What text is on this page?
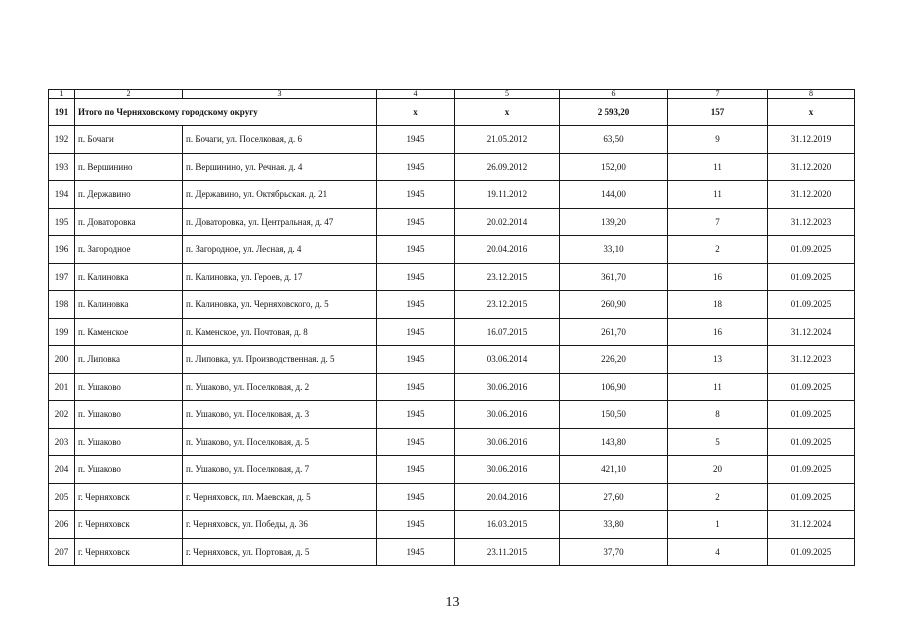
1	2	3	4	5	6	7	8
191	Итого по Черняховскому городскому округу		х	х	2 593,20	157	х
192	п. Бочаги	п. Бочаги, ул. Поселковая, д. 6	1945	21.05.2012	63,50	9	31.12.2019
193	п. Вершинино	п. Вершинино, ул. Речная. д. 4	1945	26.09.2012	152,00	11	31.12.2020
194	п. Державино	п. Державино, ул. Октябрьская. д. 21	1945	19.11.2012	144,00	11	31.12.2020
195	п. Доваторовка	п. Доваторовка, ул. Центральная, д. 47	1945	20.02.2014	139,20	7	31.12.2023
196	п. Загородное	п. Загородное, ул. Лесная, д. 4	1945	20.04.2016	33,10	2	01.09.2025
197	п. Калиновка	п. Калиновка, ул. Героев, д. 17	1945	23.12.2015	361,70	16	01.09.2025
198	п. Калиновка	п. Калиновка, ул. Черняховского, д. 5	1945	23.12.2015	260,90	18	01.09.2025
199	п. Каменское	п. Каменское, ул. Почтовая, д. 8	1945	16.07.2015	261,70	16	31.12.2024
200	п. Липовка	п. Липовка, ул. Производственная. д. 5	1945	03.06.2014	226,20	13	31.12.2023
201	п. Ушаково	п. Ушаково, ул. Поселковая, д. 2	1945	30.06.2016	106,90	11	01.09.2025
202	п. Ушаково	п. Ушаково, ул. Поселковая, д. 3	1945	30.06.2016	150,50	8	01.09.2025
203	п. Ушаково	п. Ушаково, ул. Поселковая, д. 5	1945	30.06.2016	143,80	5	01.09.2025
204	п. Ушаково	п. Ушаково, ул. Поселковая, д. 7	1945	30.06.2016	421,10	20	01.09.2025
205	г. Черняховск	г. Черняховск, пл. Маевская, д. 5	1945	20.04.2016	27,60	2	01.09.2025
206	г. Черняховск	г. Черняховск, ул. Победы, д. 36	1945	16.03.2015	33,80	1	31.12.2024
207	г. Черняховск	г. Черняховск, ул. Портовая, д. 5	1945	23.11.2015	37,70	4	01.09.2025
13
